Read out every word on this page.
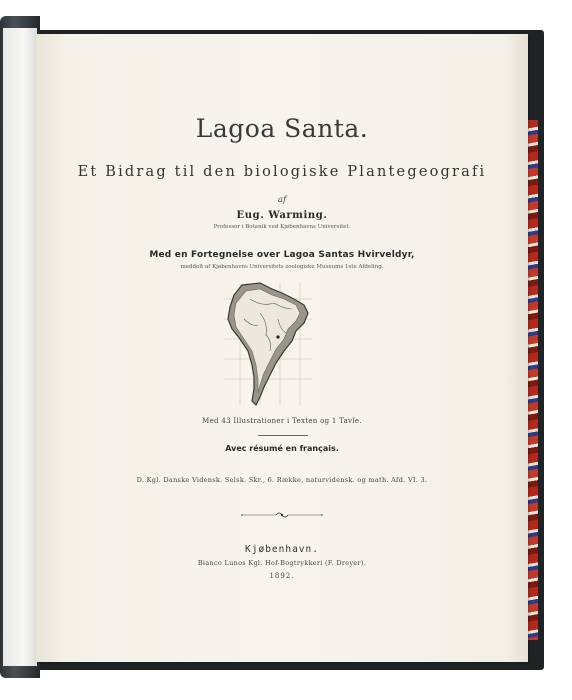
Lagoa Santa.
Et Bidrag til den biologiske Plantegeografi
af
Eug. Warming.
Professor i Botanik ved Kjøbenhavns Universitet.
Med en Fortegnelse over Lagoa Santas Hvirveldyr,
meddelt af Kjøbenhavns Universitets zoologiske Museums 1ste Afdeling.
Med 43 Illustrationer i Texten og 1 Tavle.
Avec résumé en français.
D. Kgl. Danske Vidensk. Selsk. Skr., 6. Række, naturvidensk. og math. Afd. VI. 3.
Kjøbenhavn.
Bianco Lunos Kgl. Hof-Bogtrykkeri (F. Dreyer).
1892.
